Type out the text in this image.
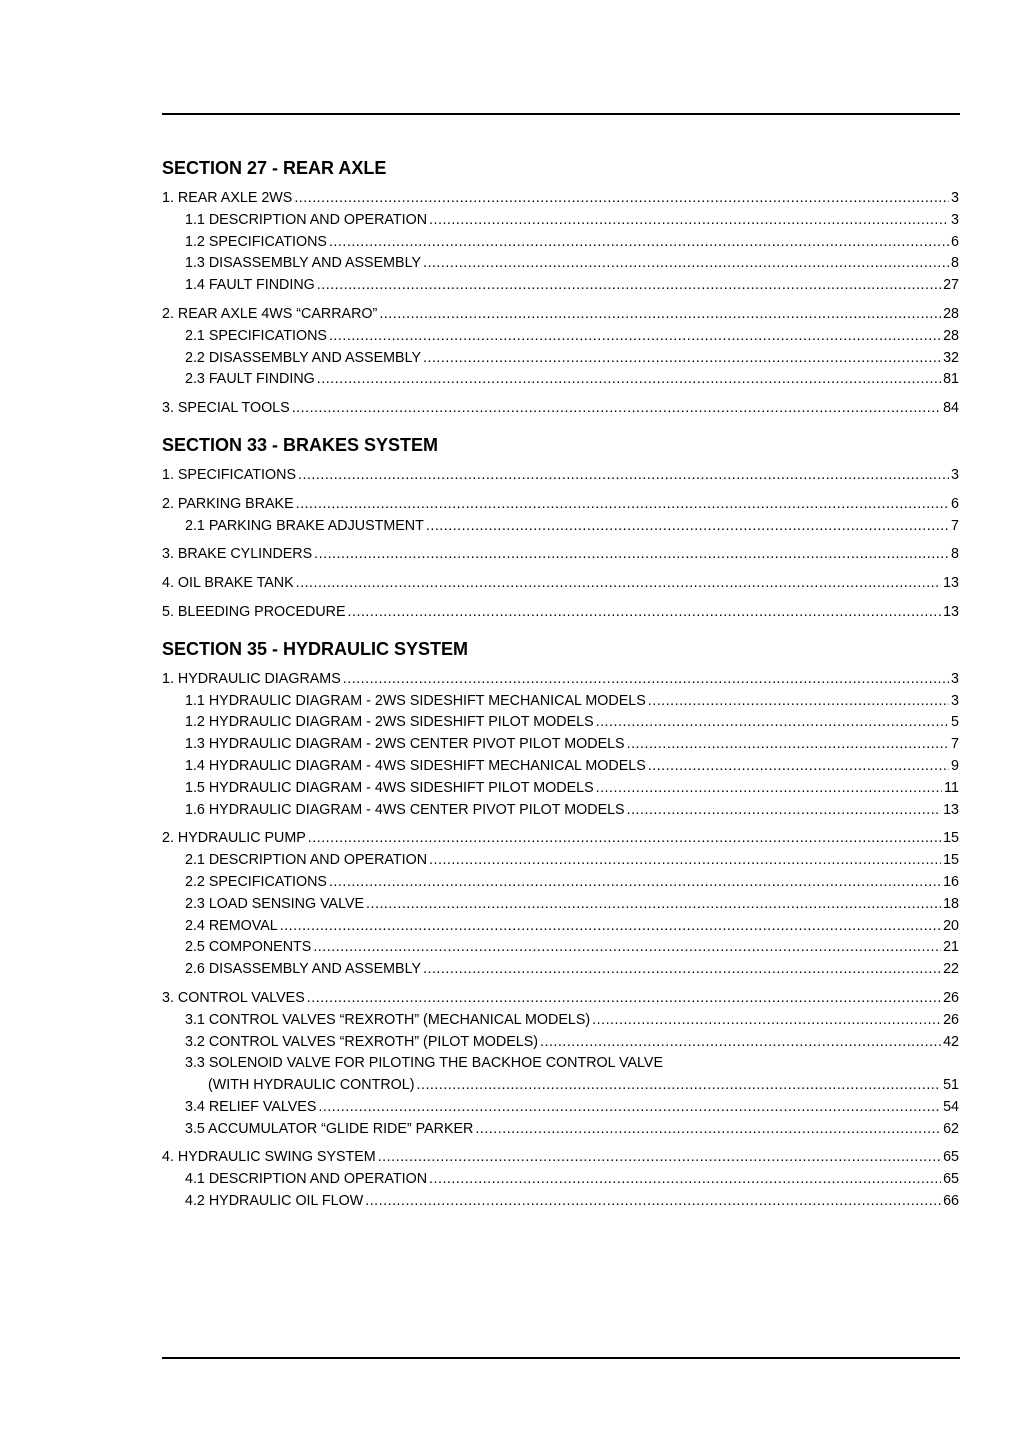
SECTION 27 - REAR AXLE
1. REAR AXLE 2WS .....	3
1.1 DESCRIPTION AND OPERATION .....	3
1.2 SPECIFICATIONS .....	6
1.3 DISASSEMBLY AND ASSEMBLY .....	8
1.4 FAULT FINDING .....	27
2. REAR AXLE 4WS “CARRARO” .....	28
2.1 SPECIFICATIONS .....	28
2.2 DISASSEMBLY AND ASSEMBLY .....	32
2.3 FAULT FINDING .....	81
3. SPECIAL TOOLS .....	84
SECTION 33 - BRAKES SYSTEM
1. SPECIFICATIONS .....	3
2. PARKING BRAKE .....	6
2.1 PARKING BRAKE ADJUSTMENT .....	7
3. BRAKE CYLINDERS .....	8
4. OIL BRAKE TANK .....	13
5. BLEEDING PROCEDURE .....	13
SECTION 35 - HYDRAULIC SYSTEM
1. HYDRAULIC DIAGRAMS .....	3
1.1 HYDRAULIC DIAGRAM - 2WS SIDESHIFT MECHANICAL MODELS .....	3
1.2 HYDRAULIC DIAGRAM - 2WS SIDESHIFT PILOT MODELS .....	5
1.3 HYDRAULIC DIAGRAM - 2WS CENTER PIVOT PILOT MODELS .....	7
1.4 HYDRAULIC DIAGRAM - 4WS SIDESHIFT MECHANICAL MODELS .....	9
1.5 HYDRAULIC DIAGRAM - 4WS SIDESHIFT PILOT MODELS .....	11
1.6 HYDRAULIC DIAGRAM - 4WS CENTER PIVOT PILOT MODELS .....	13
2. HYDRAULIC PUMP .....	15
2.1 DESCRIPTION AND OPERATION .....	15
2.2 SPECIFICATIONS .....	16
2.3 LOAD SENSING VALVE .....	18
2.4 REMOVAL .....	20
2.5 COMPONENTS .....	21
2.6 DISASSEMBLY AND ASSEMBLY .....	22
3. CONTROL VALVES .....	26
3.1 CONTROL VALVES “REXROTH” (MECHANICAL MODELS) .....	26
3.2 CONTROL VALVES “REXROTH” (PILOT MODELS) .....	42
3.3 SOLENOID VALVE FOR PILOTING THE BACKHOE CONTROL VALVE
(WITH HYDRAULIC CONTROL) .....	51
3.4 RELIEF VALVES .....	54
3.5 ACCUMULATOR “GLIDE RIDE” PARKER .....	62
4. HYDRAULIC SWING SYSTEM .....	65
4.1 DESCRIPTION AND OPERATION .....	65
4.2 HYDRAULIC OIL FLOW .....	66
